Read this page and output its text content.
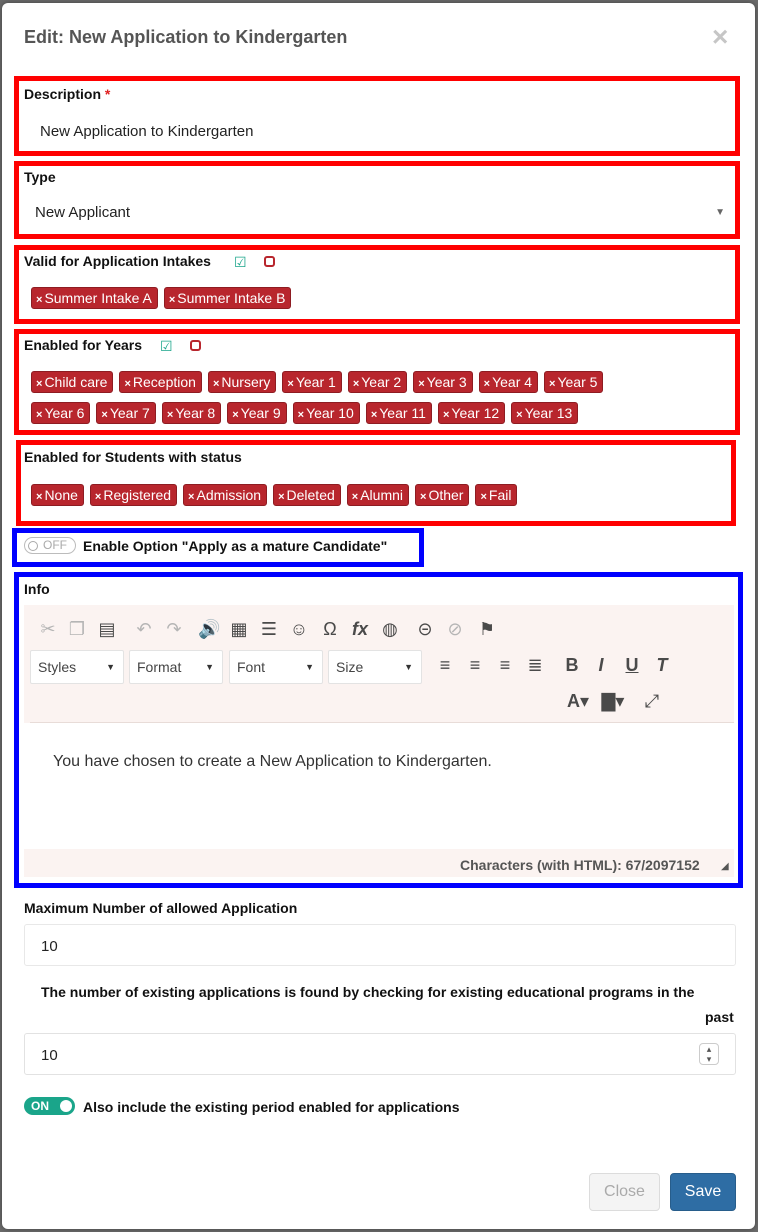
Edit: New Application to Kindergarten	×
Description *
New Application to Kindergarten
Type
New Applicant	▼
Valid for Application Intakes ☑
× Summer Intake A	× Summer Intake B
Enabled for Years ☑
× Child care	× Reception	× Nursery	× Year 1	× Year 2	× Year 3	× Year 4	× Year 5
× Year 6	× Year 7	× Year 8	× Year 9	× Year 10	× Year 11	× Year 12	× Year 13
Enabled for Students with status
× None	× Registered	× Admission	× Deleted	× Alumni	× Other	× Fail
OFF Enable Option "Apply as a mature Candidate"
Info
✂ ❐ ▤ ↶ ↷ 🔊 ▦ ☰ ☺ Ω fx ◍ ⊝ ⊘ ⚑
Styles	▼	Format	▼	Font	▼	Size	▼	≡	≡	≡ ≣ B	I	U	T
A▾ ▇▾ ⤢
You have chosen to create a New Application to Kindergarten.
Characters (with HTML): 67/2097152 ◢
Maximum Number of allowed Application
10
The number of existing applications is found by checking for existing educational programs in the
past
10	▴
▾
ON Also include the existing period enabled for applications
Close	Save
